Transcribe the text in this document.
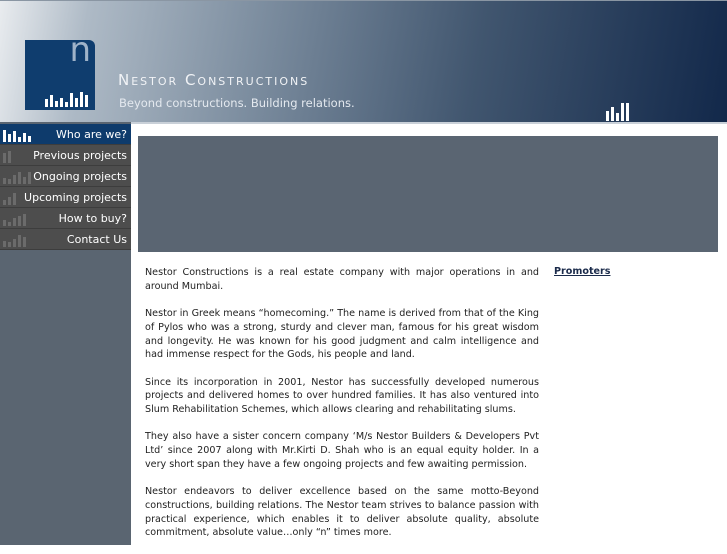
n
Nestor Constructions
Beyond constructions. Building relations.
Who are we?
Previous projects
Ongoing projects
Upcoming projects
How to buy?
Contact Us

Nestor Constructions is a real estate company with major operations in and around Mumbai.

Nestor in Greek means “homecoming.” The name is derived from that of the King of Pylos who was a strong, sturdy and clever man, famous for his great wisdom and longevity. He was known for his good judgment and calm intelligence and had immense respect for the Gods, his people and land.

Since its incorporation in 2001, Nestor has successfully developed numerous projects and delivered homes to over hundred families. It has also ventured into Slum Rehabilitation Schemes, which allows clearing and rehabilitating slums.

They also have a sister concern company ‘M/s Nestor Builders & Developers Pvt Ltd’ since 2007 along with Mr.Kirti D. Shah who is an equal equity holder. In a very short span they have a few ongoing projects and few awaiting permission.

Nestor endeavors to deliver excellence based on the same motto-Beyond constructions, building relations. The Nestor team strives to balance passion with practical experience, which enables it to deliver absolute quality, absolute commitment, absolute value…only “n” times more.

Promoters
